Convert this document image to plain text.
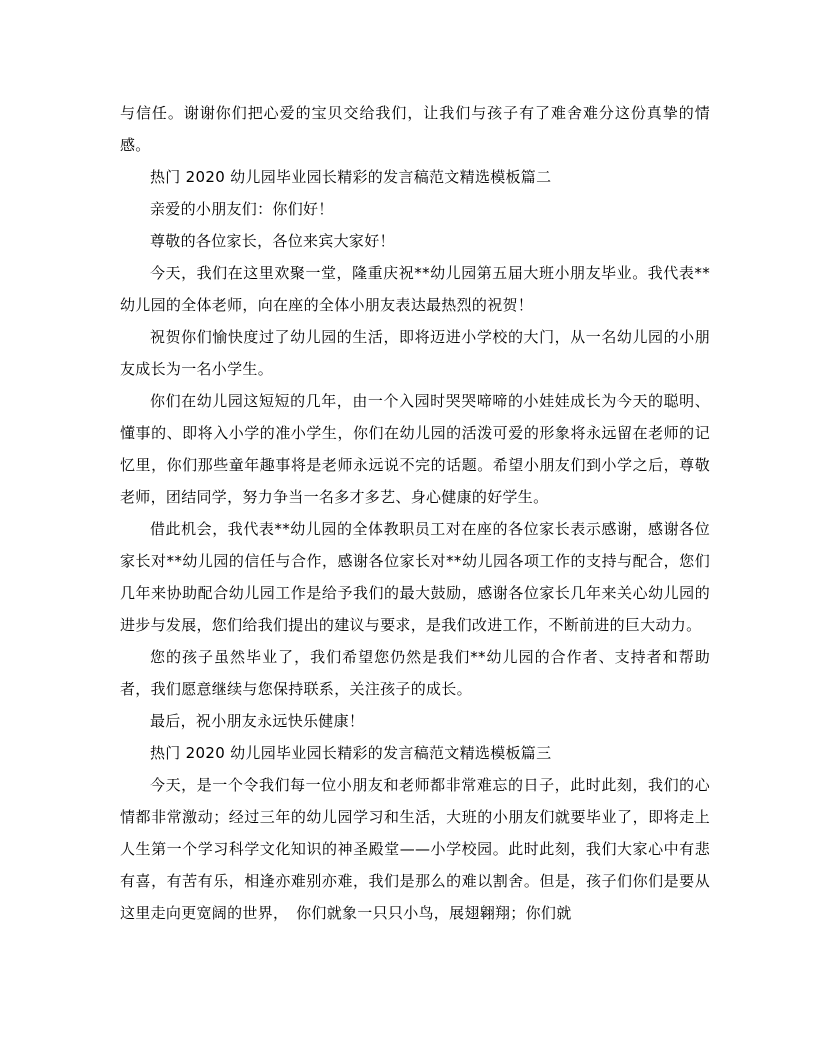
与信任。谢谢你们把心爱的宝贝交给我们，让我们与孩子有了难舍难分这份真挚的情感。

热门 2020 幼儿园毕业园长精彩的发言稿范文精选模板篇二

亲爱的小朋友们：你们好！

尊敬的各位家长，各位来宾大家好！

今天，我们在这里欢聚一堂，隆重庆祝**幼儿园第五届大班小朋友毕业。我代表**幼儿园的全体老师，向在座的全体小朋友表达最热烈的祝贺！

祝贺你们愉快度过了幼儿园的生活，即将迈进小学校的大门，从一名幼儿园的小朋友成长为一名小学生。

你们在幼儿园这短短的几年，由一个入园时哭哭啼啼的小娃娃成长为今天的聪明、懂事的、即将入小学的准小学生，你们在幼儿园的活泼可爱的形象将永远留在老师的记忆里，你们那些童年趣事将是老师永远说不完的话题。希望小朋友们到小学之后，尊敬老师，团结同学，努力争当一名多才多艺、身心健康的好学生。

借此机会，我代表**幼儿园的全体教职员工对在座的各位家长表示感谢，感谢各位家长对**幼儿园的信任与合作，感谢各位家长对**幼儿园各项工作的支持与配合，您们几年来协助配合幼儿园工作是给予我们的最大鼓励，感谢各位家长几年来关心幼儿园的进步与发展，您们给我们提出的建议与要求，是我们改进工作，不断前进的巨大动力。

您的孩子虽然毕业了，我们希望您仍然是我们**幼儿园的合作者、支持者和帮助者，我们愿意继续与您保持联系，关注孩子的成长。

最后，祝小朋友永远快乐健康！

热门 2020 幼儿园毕业园长精彩的发言稿范文精选模板篇三

今天，是一个令我们每一位小朋友和老师都非常难忘的日子，此时此刻，我们的心情都非常激动；经过三年的幼儿园学习和生活，大班的小朋友们就要毕业了，即将走上人生第一个学习科学文化知识的神圣殿堂——小学校园。此时此刻，我们大家心中有悲有喜，有苦有乐，相逢亦难别亦难，我们是那么的难以割舍。但是，孩子们你们是要从这里走向更宽阔的世界，　你们就象一只只小鸟，展翅翱翔；你们就
